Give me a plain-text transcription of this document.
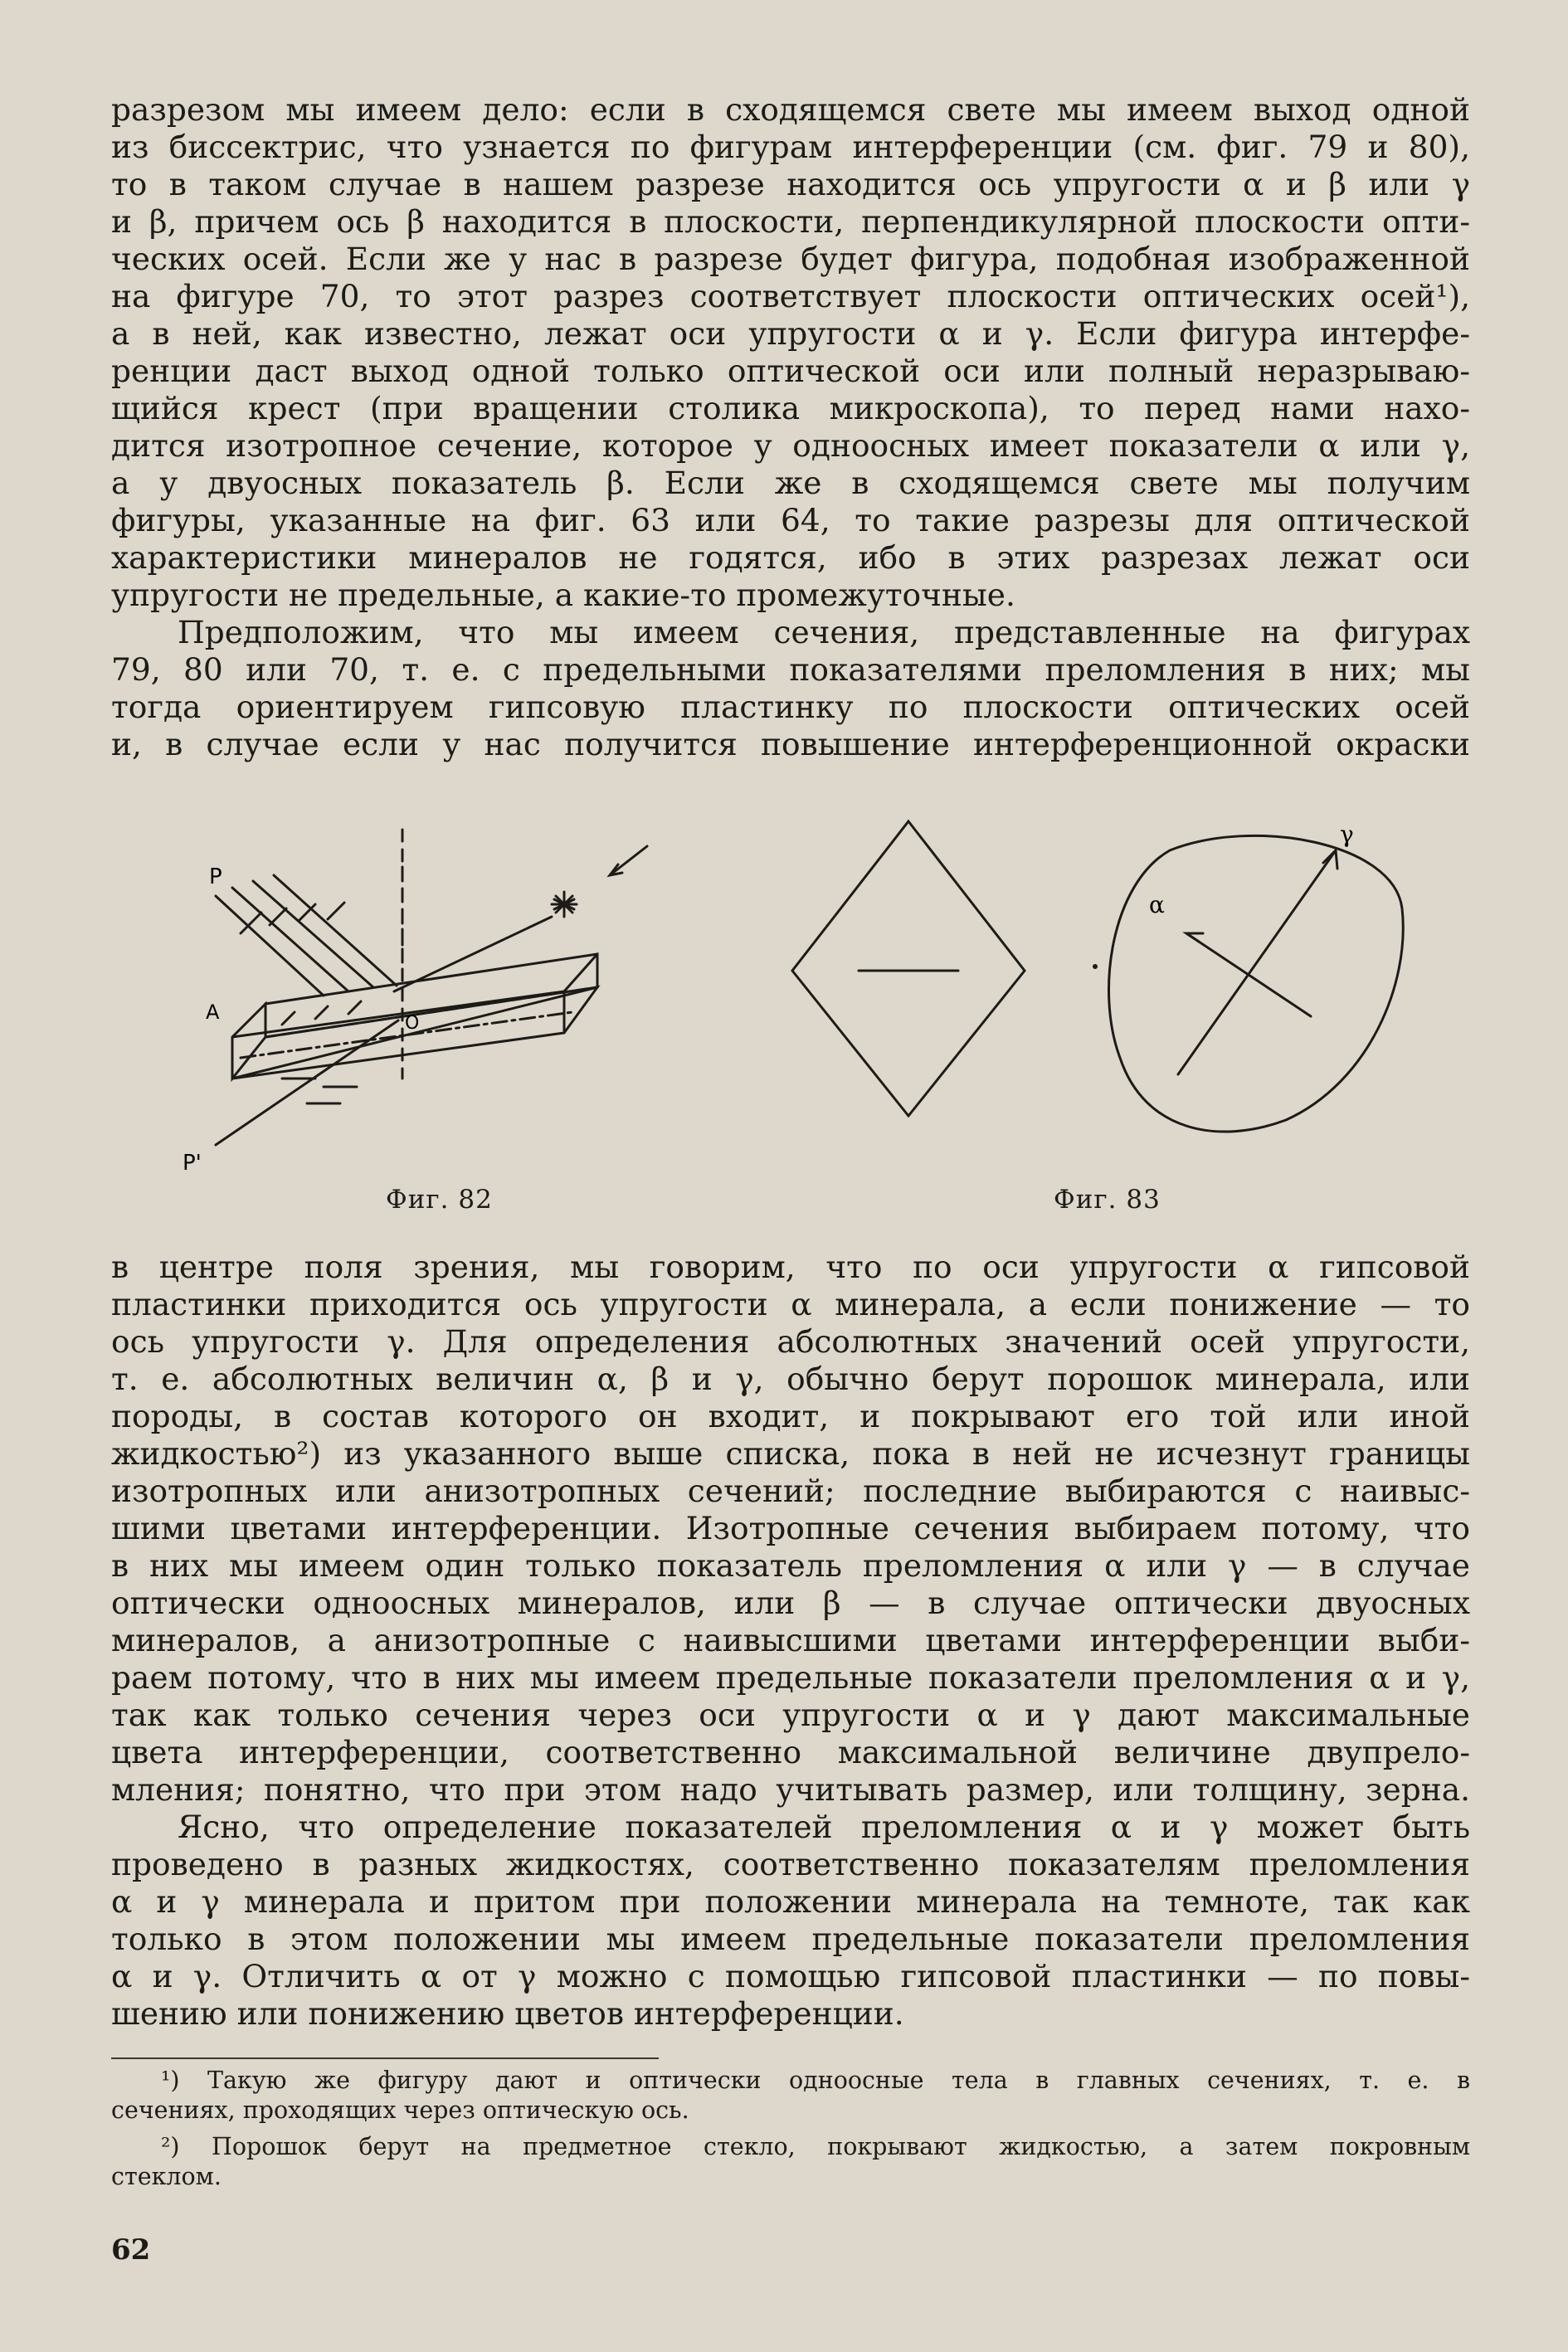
разрезом мы имеем дело: если в сходящемся свете мы имеем выход одной
из биссектрис, что узнается по фигурам интерференции (см. фиг. 79 и 80),
то в таком случае в нашем разрезе находится ось упругости α и β или γ
и β, причем ось β находится в плоскости, перпендикулярной плоскости опти-
ческих осей. Если же у нас в разрезе будет фигура, подобная изображенной
на фигуре 70, то этот разрез соответствует плоскости оптических осей¹),
а в ней, как известно, лежат оси упругости α и γ. Если фигура интерфе-
ренции даст выход одной только оптической оси или полный неразрываю-
щийся крест (при вращении столика микроскопа), то перед нами нахо-
дится изотропное сечение, которое у одноосных имеет показатели α или γ,
а у двуосных показатель β. Если же в сходящемся свете мы получим
фигуры, указанные на фиг. 63 или 64, то такие разрезы для оптической
характеристики минералов не годятся, ибо в этих разрезах лежат оси
упругости не предельные, а какие-то промежуточные.

Предположим, что мы имеем сечения, представленные на фигурах
79, 80 или 70, т. е. с предельными показателями преломления в них; мы
тогда ориентируем гипсовую пластинку по плоскости оптических осей
и, в случае если у нас получится повышение интерференционной окраски

P
A	O
P'
Фиг. 82
γ
α
Фиг. 83

в центре поля зрения, мы говорим, что по оси упругости α гипсовой
пластинки приходится ось упругости α минерала, а если понижение — то
ось упругости γ. Для определения абсолютных значений осей упругости,
т. е. абсолютных величин α, β и γ, обычно берут порошок минерала, или
породы, в состав которого он входит, и покрывают его той или иной
жидкостью²) из указанного выше списка, пока в ней не исчезнут границы
изотропных или анизотропных сечений; последние выбираются с наивыс-
шими цветами интерференции. Изотропные сечения выбираем потому, что
в них мы имеем один только показатель преломления α или γ — в случае
оптически одноосных минералов, или β — в случае оптически двуосных
минералов, а анизотропные с наивысшими цветами интерференции выби-
раем потому, что в них мы имеем предельные показатели преломления α и γ,
так как только сечения через оси упругости α и γ дают максимальные
цвета интерференции, соответственно максимальной величине двупрело-
мления; понятно, что при этом надо учитывать размер, или толщину, зерна.

Ясно, что определение показателей преломления α и γ может быть
проведено в разных жидкостях, соответственно показателям преломления
α и γ минерала и притом при положении минерала на темноте, так как
только в этом положении мы имеем предельные показатели преломления
α и γ. Отличить α от γ можно с помощью гипсовой пластинки — по повы-
шению или понижению цветов интерференции.

¹) Такую же фигуру дают и оптически одноосные тела в главных сечениях, т. е. в
сечениях, проходящих через оптическую ось.
²) Порошок берут на предметное стекло, покрывают жидкостью, а затем покровным
стеклом.
62
